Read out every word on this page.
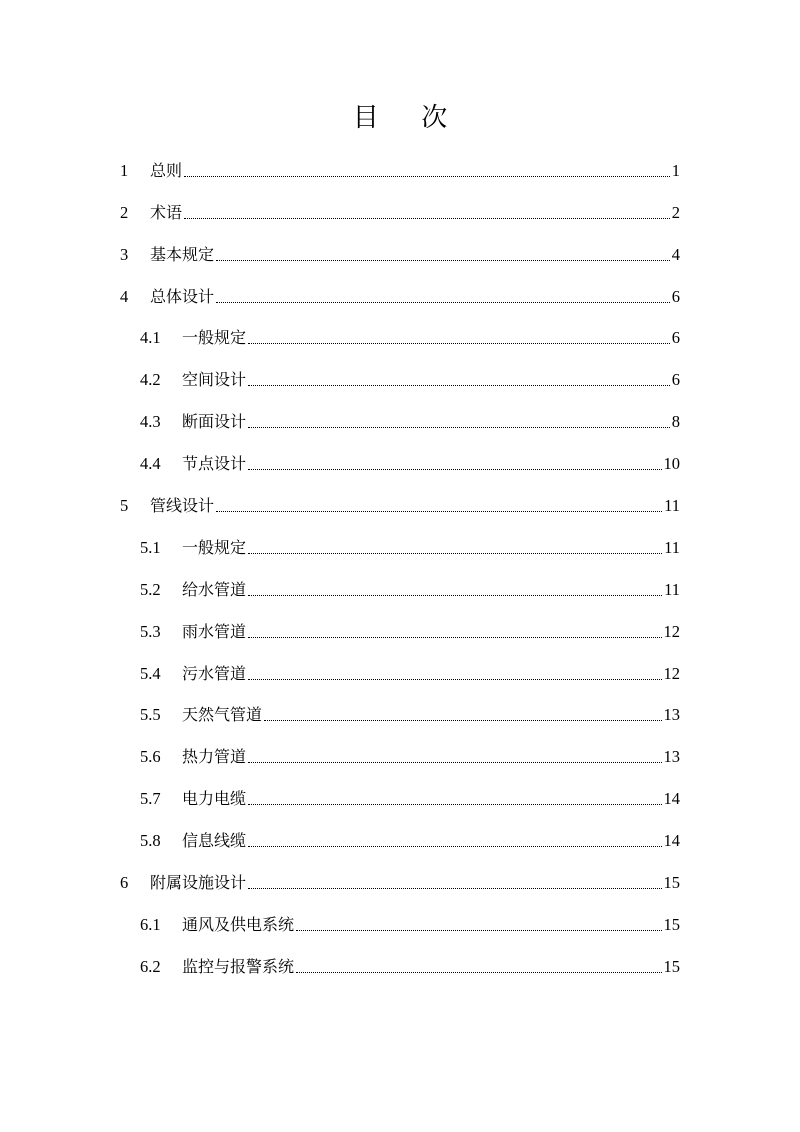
目 次
1	总则	1
2	术语	2
3	基本规定	4
4	总体设计	6
4.1	一般规定	6
4.2	空间设计	6
4.3	断面设计	8
4.4	节点设计	10
5	管线设计	11
5.1	一般规定	11
5.2	给水管道	11
5.3	雨水管道	12
5.4	污水管道	12
5.5	天然气管道	13
5.6	热力管道	13
5.7	电力电缆	14
5.8	信息线缆	14
6	附属设施设计	15
6.1	通风及供电系统	15
6.2	监控与报警系统	15
